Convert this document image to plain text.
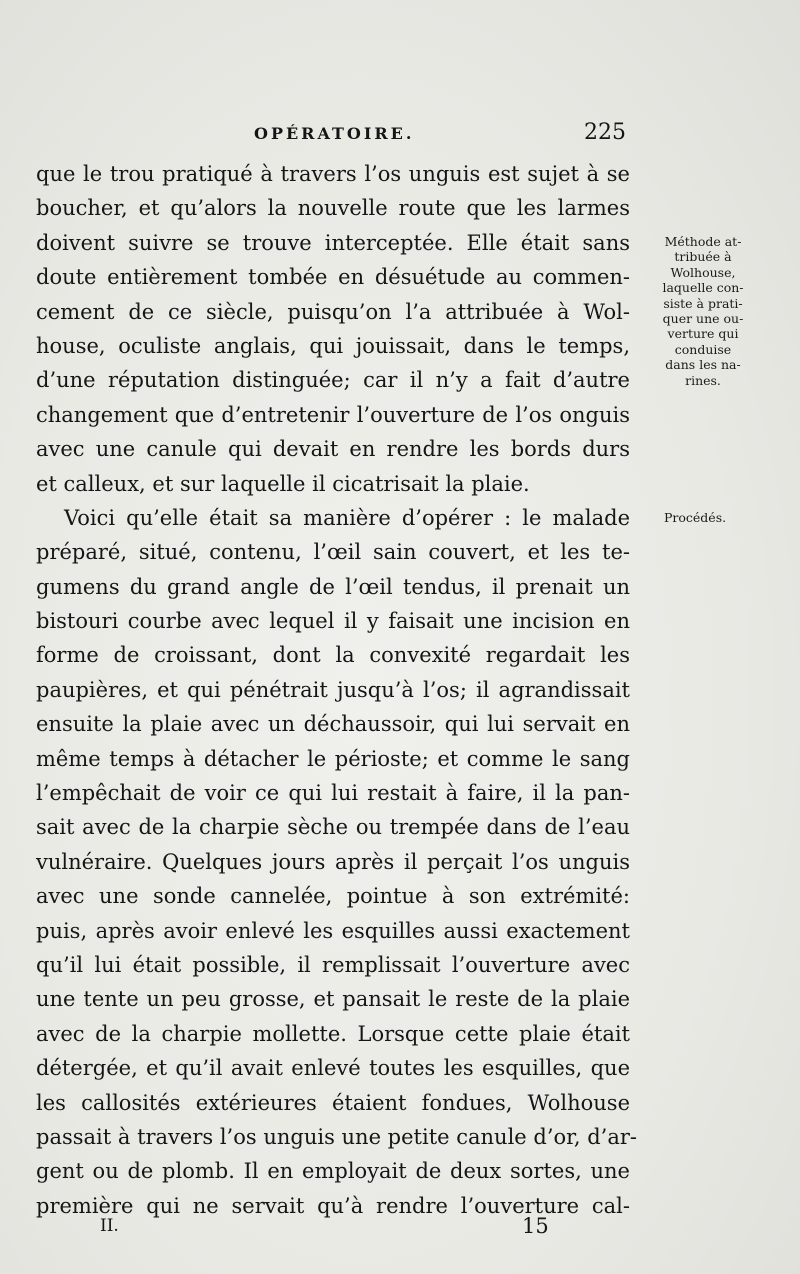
OPÉRATOIRE.	225
que le trou pratiqué à travers l’os unguis est sujet à se
boucher, et qu’alors la nouvelle route que les larmes
doivent suivre se trouve interceptée. Elle était sans
doute entièrement tombée en désuétude au commen-
cement de ce siècle, puisqu’on l’a attribuée à Wol-
house, oculiste anglais, qui jouissait, dans le temps,
d’une réputation distinguée; car il n’y a fait d’autre
changement que d’entretenir l’ouverture de l’os onguis
avec une canule qui devait en rendre les bords durs
et calleux, et sur laquelle il cicatrisait la plaie.
Voici qu’elle était sa manière d’opérer : le malade
préparé, situé, contenu, l’œil sain couvert, et les te-
gumens du grand angle de l’œil tendus, il prenait un
bistouri courbe avec lequel il y faisait une incision en
forme de croissant, dont la convexité regardait les
paupières, et qui pénétrait jusqu’à l’os; il agrandissait
ensuite la plaie avec un déchaussoir, qui lui servait en
même temps à détacher le périoste; et comme le sang
l’empêchait de voir ce qui lui restait à faire, il la pan-
sait avec de la charpie sèche ou trempée dans de l’eau
vulnéraire. Quelques jours après il perçait l’os unguis
avec une sonde cannelée, pointue à son extrémité:
puis, après avoir enlevé les esquilles aussi exactement
qu’il lui était possible, il remplissait l’ouverture avec
une tente un peu grosse, et pansait le reste de la plaie
avec de la charpie mollette. Lorsque cette plaie était
détergée, et qu’il avait enlevé toutes les esquilles, que
les callosités extérieures étaient fondues, Wolhouse
passait à travers l’os unguis une petite canule d’or, d’ar-
gent ou de plomb. Il en employait de deux sortes, une
première qui ne servait qu’à rendre l’ouverture cal-
Méthode at-
tribuée à
Wolhouse,
laquelle con-
siste à prati-
quer une ou-
verture qui
conduise
dans les na-
rines.
Procédés.
II.	15
